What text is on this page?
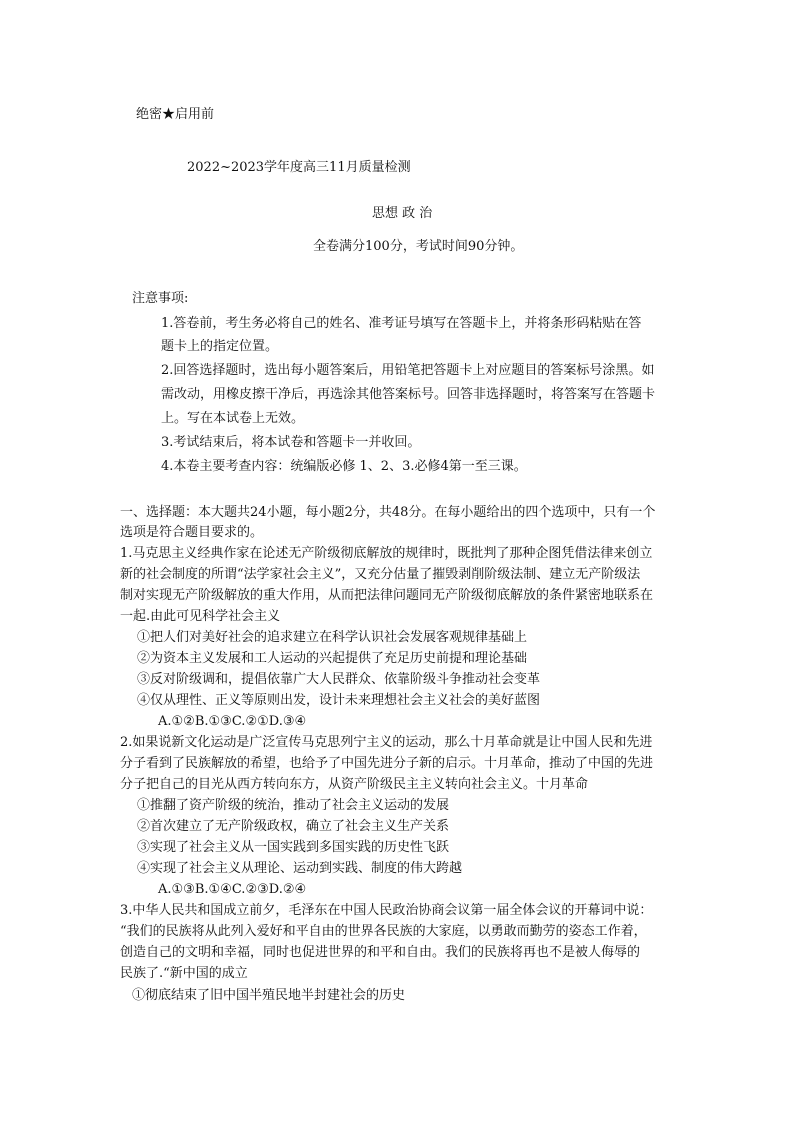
绝密★启用前
2022~2023学年度高三11月质量检测
思想 政 治
全卷满分100分，考试时间90分钟。
注意事项:
1.答卷前，考生务必将自己的姓名、准考证号填写在答题卡上，并将条形码粘贴在答
题卡上的指定位置。
2.回答选择题时，选出每小题答案后，用铅笔把答题卡上对应题目的答案标号涂黑。如
需改动，用橡皮擦干净后，再选涂其他答案标号。回答非选择题时，将答案写在答题卡
上。写在本试卷上无效。
3.考试结束后，将本试卷和答题卡一并收回。
4.本卷主要考查内容：统编版必修 1、2、3.必修4第一至三课。
一、选择题：本大题共24小题，每小题2分，共48分。在每小题给出的四个选项中，只有一个
选项是符合题目要求的。
1.马克思主义经典作家在论述无产阶级彻底解放的规律时，既批判了那种企图凭借法律来创立
新的社会制度的所谓“法学家社会主义”，又充分估量了摧毁剥削阶级法制、建立无产阶级法
制对实现无产阶级解放的重大作用，从而把法律问题同无产阶级彻底解放的条件紧密地联系在
一起.由此可见科学社会主义
①把人们对美好社会的追求建立在科学认识社会发展客观规律基础上
②为资本主义发展和工人运动的兴起提供了充足历史前提和理论基础
③反对阶级调和，提倡依靠广大人民群众、依靠阶级斗争推动社会变革
④仅从理性、正义等原则出发，设计未来理想社会主义社会的美好蓝图
A.①②B.①③C.②①D.③④
2.如果说新文化运动是广泛宣传马克思列宁主义的运动，那么十月革命就是让中国人民和先进
分子看到了民族解放的希望，也给予了中国先进分子新的启示。十月革命，推动了中国的先进
分子把自己的目光从西方转向东方，从资产阶级民主主义转向社会主义。十月革命
①推翻了资产阶级的统治，推动了社会主义运动的发展
②首次建立了无产阶级政权，确立了社会主义生产关系
③实现了社会主义从一国实践到多国实践的历史性飞跃
④实现了社会主义从理论、运动到实践、制度的伟大跨越
A.①③B.①④C.②③D.②④
3.中华人民共和国成立前夕，毛泽东在中国人民政治协商会议第一届全体会议的开幕词中说：
“我们的民族将从此列入爱好和平自由的世界各民族的大家庭，以勇敢而勤劳的姿态工作着，
创造自己的文明和幸福，同时也促进世界的和平和自由。我们的民族将再也不是被人侮辱的
民族了.“新中国的成立
①彻底结束了旧中国半殖民地半封建社会的历史
